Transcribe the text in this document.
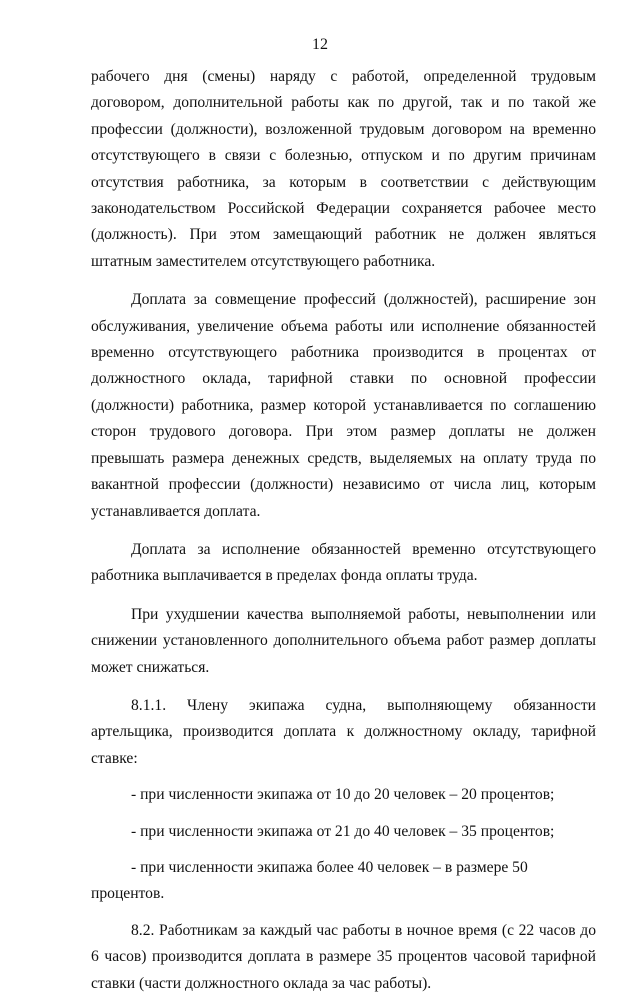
12

рабочего дня (смены) наряду с работой, определенной трудовым договором, дополнительной работы как по другой, так и по такой же профессии (должности), возложенной трудовым договором на временно отсутствующего в связи с болезнью, отпуском и по другим причинам отсутствия работника, за которым в соответствии с действующим законодательством Российской Федерации сохраняется рабочее место (должность). При этом замещающий работник не должен являться штатным заместителем отсутствующего работника.

Доплата за совмещение профессий (должностей), расширение зон обслуживания, увеличение объема работы или исполнение обязанностей временно отсутствующего работника производится в процентах от должностного оклада, тарифной ставки по основной профессии (должности) работника, размер которой устанавливается по соглашению сторон трудового договора. При этом размер доплаты не должен превышать размера денежных средств, выделяемых на оплату труда по вакантной профессии (должности) независимо от числа лиц, которым устанавливается доплата.

Доплата за исполнение обязанностей временно отсутствующего работника выплачивается в пределах фонда оплаты труда.

При ухудшении качества выполняемой работы, невыполнении или снижении установленного дополнительного объема работ размер доплаты может снижаться.

8.1.1. Члену экипажа судна, выполняющему обязанности артельщика, производится доплата к должностному окладу, тарифной ставке:

- при численности экипажа от 10 до 20 человек – 20 процентов;

- при численности экипажа от 21 до 40 человек – 35 процентов;

- при численности экипажа более 40 человек – в размере 50 процентов.

8.2. Работникам за каждый час работы в ночное время (с 22 часов до 6 часов) производится доплата в размере 35 процентов часовой тарифной ставки (части должностного оклада за час работы).
